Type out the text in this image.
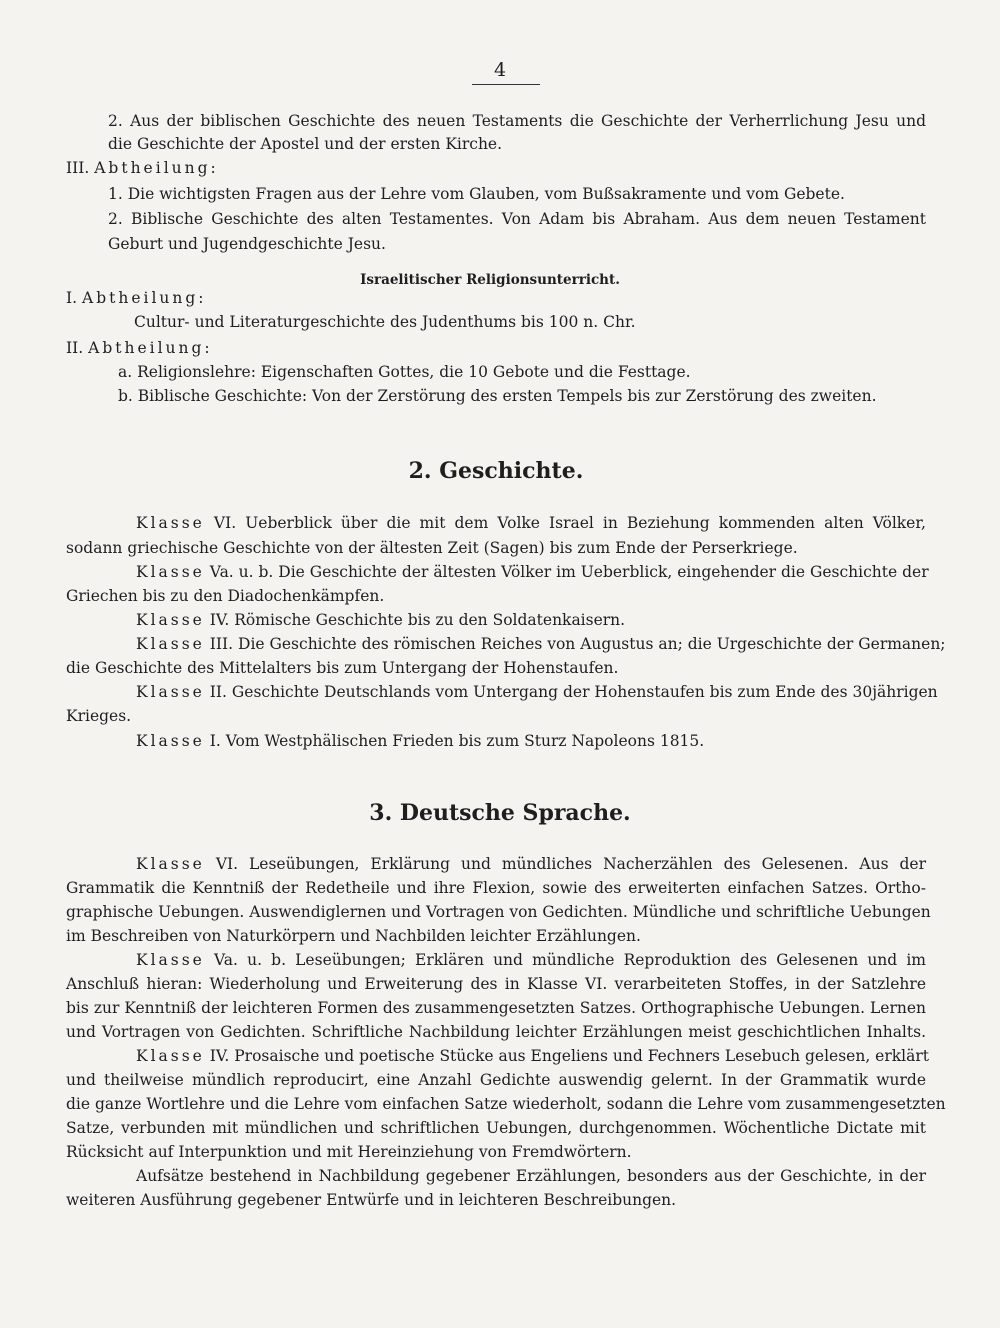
4

2. Aus der biblischen Geschichte des neuen Testaments die Geschichte der Verherrlichung Jesu und

die Geschichte der Apostel und der ersten Kirche.

III. Abtheilung:

1. Die wichtigsten Fragen aus der Lehre vom Glauben, vom Bußsakramente und vom Gebete.

2. Biblische Geschichte des alten Testamentes. Von Adam bis Abraham. Aus dem neuen Testament

Geburt und Jugendgeschichte Jesu.

Israelitischer Religionsunterricht.

I. Abtheilung:

Cultur- und Literaturgeschichte des Judenthums bis 100 n. Chr.

II. Abtheilung:

a. Religionslehre: Eigenschaften Gottes, die 10 Gebote und die Festtage.

b. Biblische Geschichte: Von der Zerstörung des ersten Tempels bis zur Zerstörung des zweiten.

2. Geschichte.

Klasse VI. Ueberblick über die mit dem Volke Israel in Beziehung kommenden alten Völker,

sodann griechische Geschichte von der ältesten Zeit (Sagen) bis zum Ende der Perserkriege.

Klasse Va. u. b. Die Geschichte der ältesten Völker im Ueberblick, eingehender die Geschichte der

Griechen bis zu den Diadochenkämpfen.

Klasse IV. Römische Geschichte bis zu den Soldatenkaisern.

Klasse III. Die Geschichte des römischen Reiches von Augustus an; die Urgeschichte der Germanen;

die Geschichte des Mittelalters bis zum Untergang der Hohenstaufen.

Klasse II. Geschichte Deutschlands vom Untergang der Hohenstaufen bis zum Ende des 30jährigen

Krieges.

Klasse I. Vom Westphälischen Frieden bis zum Sturz Napoleons 1815.

3. Deutsche Sprache.

Klasse VI. Leseübungen, Erklärung und mündliches Nacherzählen des Gelesenen. Aus der

Grammatik die Kenntniß der Redetheile und ihre Flexion, sowie des erweiterten einfachen Satzes. Ortho-

graphische Uebungen. Auswendiglernen und Vortragen von Gedichten. Mündliche und schriftliche Uebungen

im Beschreiben von Naturkörpern und Nachbilden leichter Erzählungen.

Klasse Va. u. b. Leseübungen; Erklären und mündliche Reproduktion des Gelesenen und im

Anschluß hieran: Wiederholung und Erweiterung des in Klasse VI. verarbeiteten Stoffes, in der Satzlehre

bis zur Kenntniß der leichteren Formen des zusammengesetzten Satzes. Orthographische Uebungen. Lernen

und Vortragen von Gedichten. Schriftliche Nachbildung leichter Erzählungen meist geschichtlichen Inhalts.

Klasse IV. Prosaische und poetische Stücke aus Engeliens und Fechners Lesebuch gelesen, erklärt

und theilweise mündlich reproducirt, eine Anzahl Gedichte auswendig gelernt. In der Grammatik wurde

die ganze Wortlehre und die Lehre vom einfachen Satze wiederholt, sodann die Lehre vom zusammengesetzten

Satze, verbunden mit mündlichen und schriftlichen Uebungen, durchgenommen. Wöchentliche Dictate mit

Rücksicht auf Interpunktion und mit Hereinziehung von Fremdwörtern.

Aufsätze bestehend in Nachbildung gegebener Erzählungen, besonders aus der Geschichte, in der

weiteren Ausführung gegebener Entwürfe und in leichteren Beschreibungen.
